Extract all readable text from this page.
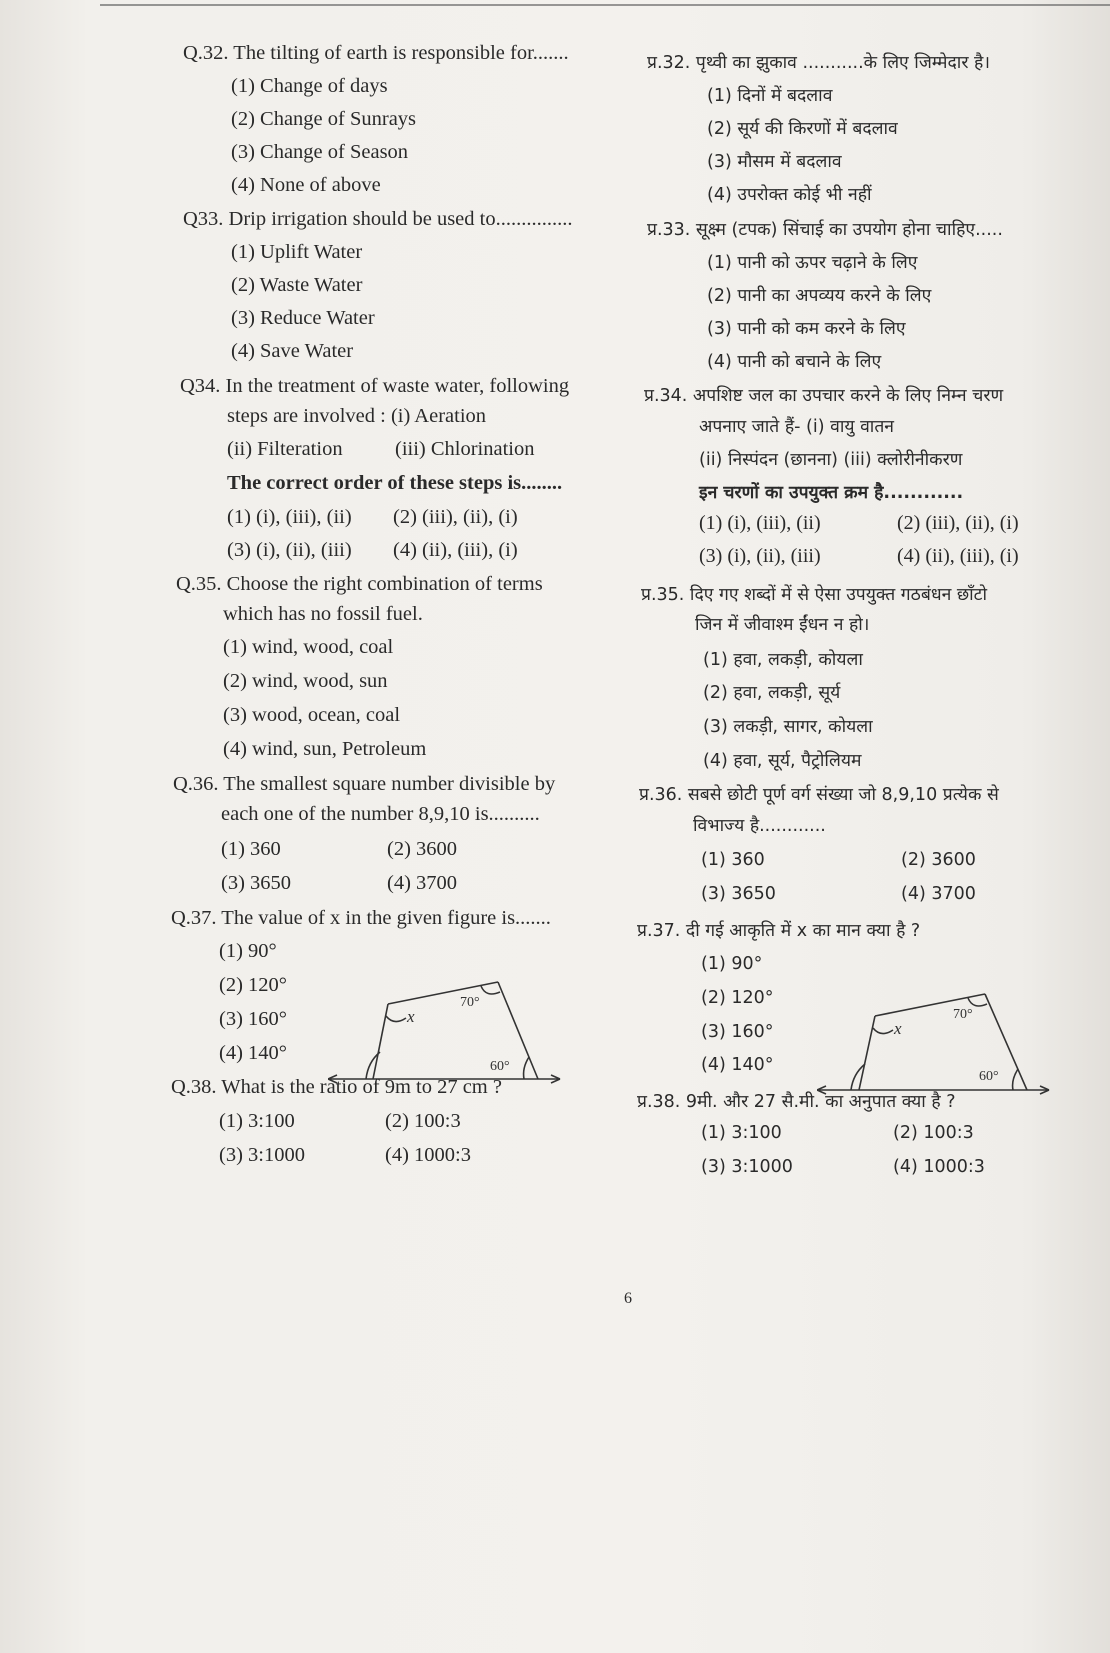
Q.32. The tilting of earth is responsible for.......
(1) Change of days
(2) Change of Sunrays
(3) Change of Season
(4) None of above
Q33. Drip irrigation should be used to...............
(1) Uplift Water
(2) Waste Water
(3) Reduce Water
(4) Save Water
Q34. In the treatment of waste water, following
steps are involved : (i) Aeration
(ii) Filteration	(iii) Chlorination
The correct order of these steps is........
(1) (i), (iii), (ii) (2) (iii), (ii), (i)
(3) (i), (ii), (iii) (4) (ii), (iii), (i)
Q.35. Choose the right combination of terms
which has no fossil fuel.
(1) wind, wood, coal
(2) wind, wood, sun
(3) wood, ocean, coal
(4) wind, sun, Petroleum
Q.36. The smallest square number divisible by
each one of the number 8,9,10 is..........
(1) 360	(2) 3600
(3) 3650	(4) 3700
Q.37. The value of x in the given figure is.......
(1) 90°
(2) 120°
(3) 160°
(4) 140°
x
70°
60°
Q.38. What is the ratio of 9m to 27 cm ?
(1) 3:100	(2) 100:3
(3) 3:1000	(4) 1000:3
प्र.32. पृथ्वी का झुकाव ...........के लिए जिम्मेदार है।
(1) दिनों में बदलाव
(2) सूर्य की किरणों में बदलाव
(3) मौसम में बदलाव
(4) उपरोक्त कोई भी नहीं
प्र.33. सूक्ष्म (टपक) सिंचाई का उपयोग होना चाहिए.....
(1) पानी को ऊपर चढ़ाने के लिए
(2) पानी का अपव्यय करने के लिए
(3) पानी को कम करने के लिए
(4) पानी को बचाने के लिए
प्र.34. अपशिष्ट जल का उपचार करने के लिए निम्न चरण
अपनाए जाते हैं- (i) वायु वातन
(ii) निस्पंदन (छानना) (iii) क्लोरीनीकरण
इन चरणों का उपयुक्त क्रम है............
(1) (i), (iii), (ii)	(2) (iii), (ii), (i)
(3) (i), (ii), (iii)	(4) (ii), (iii), (i)
प्र.35. दिए गए शब्दों में से ऐसा उपयुक्त गठबंधन छाँटो
जिन में जीवाश्म ईंधन न हो।
(1) हवा, लकड़ी, कोयला
(2) हवा, लकड़ी, सूर्य
(3) लकड़ी, सागर, कोयला
(4) हवा, सूर्य, पैट्रोलियम
प्र.36. सबसे छोटी पूर्ण वर्ग संख्या जो 8,9,10 प्रत्येक से
विभाज्य है............
(1) 360	(2) 3600
(3) 3650	(4) 3700
प्र.37. दी गई आकृति में x का मान क्या है ?
(1) 90°
(2) 120°
(3) 160°
(4) 140°
x
70°
60°
प्र.38. 9मी. और 27 सै.मी. का अनुपात क्या है ?
(1) 3:100	(2) 100:3
(3) 3:1000	(4) 1000:3
6
